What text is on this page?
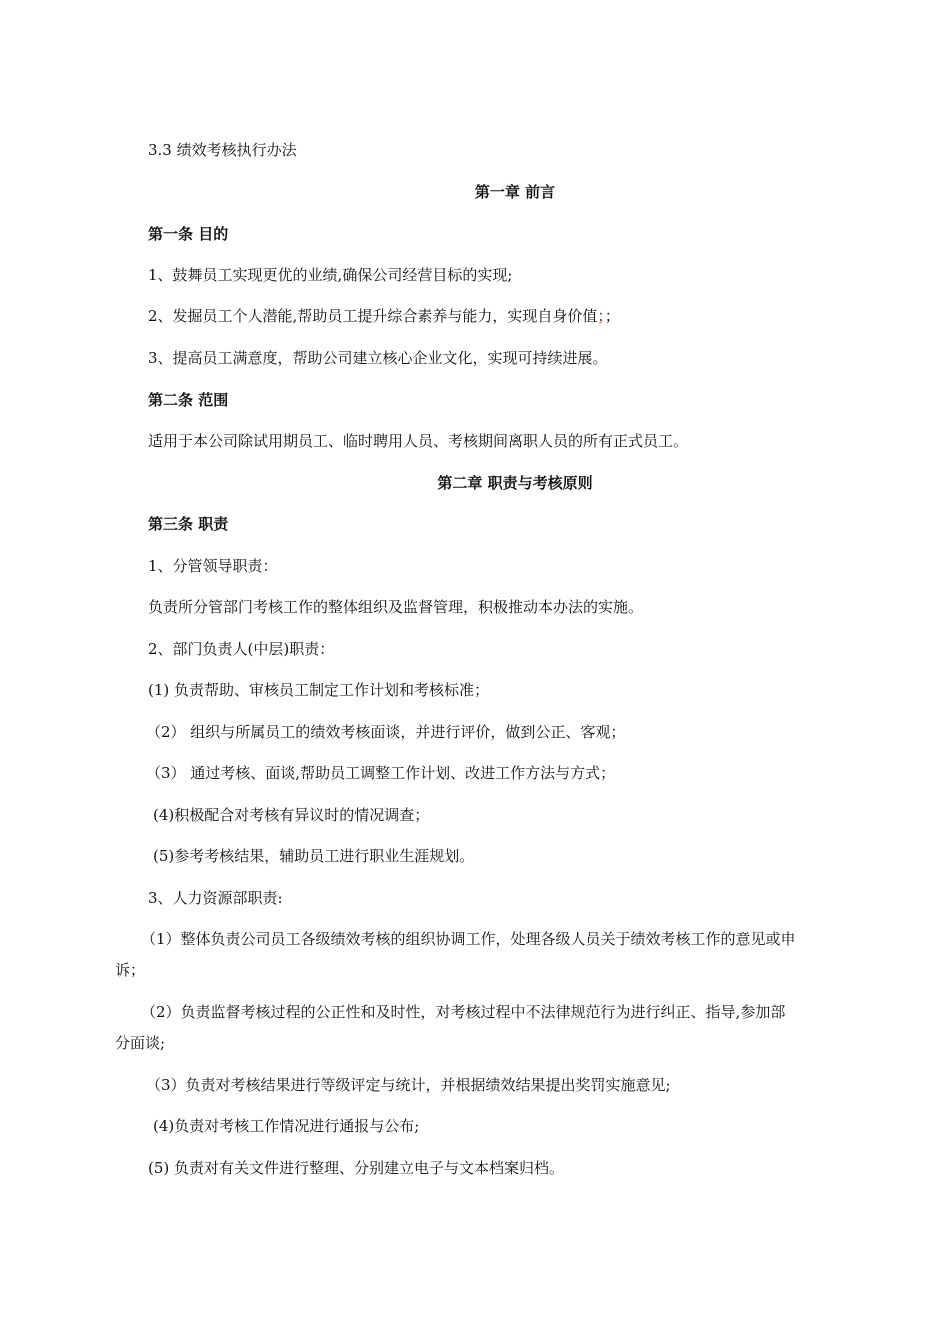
3.3 绩效考核执行办法
第一章 前言
第一条 目的
1、鼓舞员工实现更优的业绩,确保公司经营目标的实现;
2、发掘员工个人潜能,帮助员工提升综合素养与能力，实现自身价值；；
3、提高员工满意度，帮助公司建立核心企业文化，实现可持续进展。
第二条 范围
适用于本公司除试用期员工、临时聘用人员、考核期间离职人员的所有正式员工。
第二章 职责与考核原则
第三条 职责
1、分管领导职责：
负责所分管部门考核工作的整体组织及监督管理，积极推动本办法的实施。
2、部门负责人(中层)职责：
(1) 负责帮助、审核员工制定工作计划和考核标准；
（2） 组织与所属员工的绩效考核面谈，并进行评价，做到公正、客观；
（3） 通过考核、面谈,帮助员工调整工作计划、改进工作方法与方式；
(4)积极配合对考核有异议时的情况调查；
(5)参考考核结果，辅助员工进行职业生涯规划。
3、人力资源部职责:
（1）整体负责公司员工各级绩效考核的组织协调工作，处理各级人员关于绩效考核工作的意见或申
诉；
（2）负责监督考核过程的公正性和及时性，对考核过程中不法律规范行为进行纠正、指导,参加部
分面谈;
（3）负责对考核结果进行等级评定与统计，并根据绩效结果提出奖罚实施意见;
(4)负责对考核工作情况进行通报与公布;
(5) 负责对有关文件进行整理、分别建立电子与文本档案归档。
